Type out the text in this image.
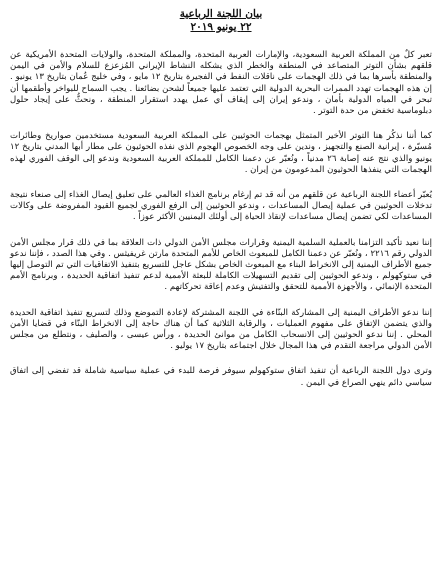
بيان اللجنة الرباعية
٢٢ يونيو ٢٠١٩

تعبر كلٌ من المملكة العربية السعودية، والإمارات العربية المتحدة، والمملكة المتحدة، والولايات المتحدة الأمريكية عن قلقهم بشأن التوتر المتصاعد في المنطقة والخطر الذي يشكله النشاط الإيراني المُزعزع للسلام والأمن في اليمن والمنطقة بأسرها بما في ذلك الهجمات على ناقلات النفط في الفجيرة بتاريخ ١٢ مايو ، وفي خليج عُمان بتاريخ ١٣ يونيو . إن هذه الهجمات تهدد الممرات البحرية الدولية التي تعتمد عليها جميعاً لشحن بضائعنا . يجب السماح للبواخر وأطقمها أن تبحر في المياه الدولية بأمان ، وندعو إيران إلى إيقاف أي عمل يهدد استقرار المنطقة ، ونحثُّ على إيجاد حلول دبلوماسية تخفض من حدة التوتر .

كما أننا نذكُر هنا التوتر الأخير المتمثل بهجمات الحوثيين على المملكة العربية السعودية مستخدمين صواريخ وطائرات مُسيّرة ، إيرانية الصنع والتجهيز ، وندين على وجه الخصوص الهجوم الذي نفذه الحوثيون على مطار أبها المدني بتاريخ ١٢ يونيو والذي نتج عنه إصابة ٢٦ مدنياً ، ونُعبّر عن دعمنا الكامل للمملكة العربية السعودية وندعو إلى الوقف الفوري لهذه الهجمات التي ينفذها الحوثيون المدعومون من إيران .

يُعبّر أعضاء اللجنة الرباعية عن قلقهم من أنه قد تم إرغام برنامج الغذاء العالمي على تعليق إيصال الغذاء إلى صنعاء نتيجة تدخلات الحوثيين في عملية إيصال المساعدات ، وندعو الحوثيين إلى الرفع الفوري لجميع القيود المفروضة على وكالات المساعدات لكي تضمن إيصال مساعدات لإنقاذ الحياة إلى أولئك اليمنيين الأكثر عوزاً .

إننا نعيد تأكيد التزامنا بالعملية السلمية اليمنية وقرارات مجلس الأمن الدولي ذات العلاقة بما في ذلك قرار مجلس الأمن الدولي رقم ٢٢١٦ ، ونُعبّر عن دعمنا الكامل للمبعوث الخاص للأمم المتحدة مارتن غريفيثس . وفي هذا الصدد ، فإننا ندعو جميع الأطراف اليمنية إلى الانخراط البناء مع المبعوث الخاص بشكل عاجل للتسريع بتنفيذ الاتفاقيات التي تم التوصل إليها في ستوكهولم ، وندعو الحوثيين إلى تقديم التسهيلات الكاملة للبعثة الأممية لدعم تنفيذ اتفاقية الحديدة ، وبرنامج الأمم المتحدة الإنمائي ، والأجهزة الأممية للتحقق والتفتيش وعدم إعاقة تحركاتهم .

إننا ندعو الأطراف اليمنية إلى المشاركة البنّاءة في اللجنة المشتركة لإعادة التموضع وذلك لتسريع تنفيذ اتفاقية الحديدة والذي يتضمن الإتفاق على مفهوم العمليات ، والرقابة الثلاثية كما أن هناك حاجة إلى الانخراط البنّاء في قضايا الأمن المحلي . إننا ندعو الحوثيين إلى الانسحاب الكامل من موانئ الحديدة ، ورأس عيسى ، والصليف ، ونتطلع من مجلس الأمن الدولي مراجعة التقدم في هذا المجال خلال اجتماعه بتاريخ ١٧ يوليو .

وترى دول اللجنة الرباعية أن تنفيذ اتفاق ستوكهولم سيوفر فرصة للبدء في عملية سياسية شاملة قد تفضي إلى اتفاق سياسي دائم ينهي الصراع في اليمن .
